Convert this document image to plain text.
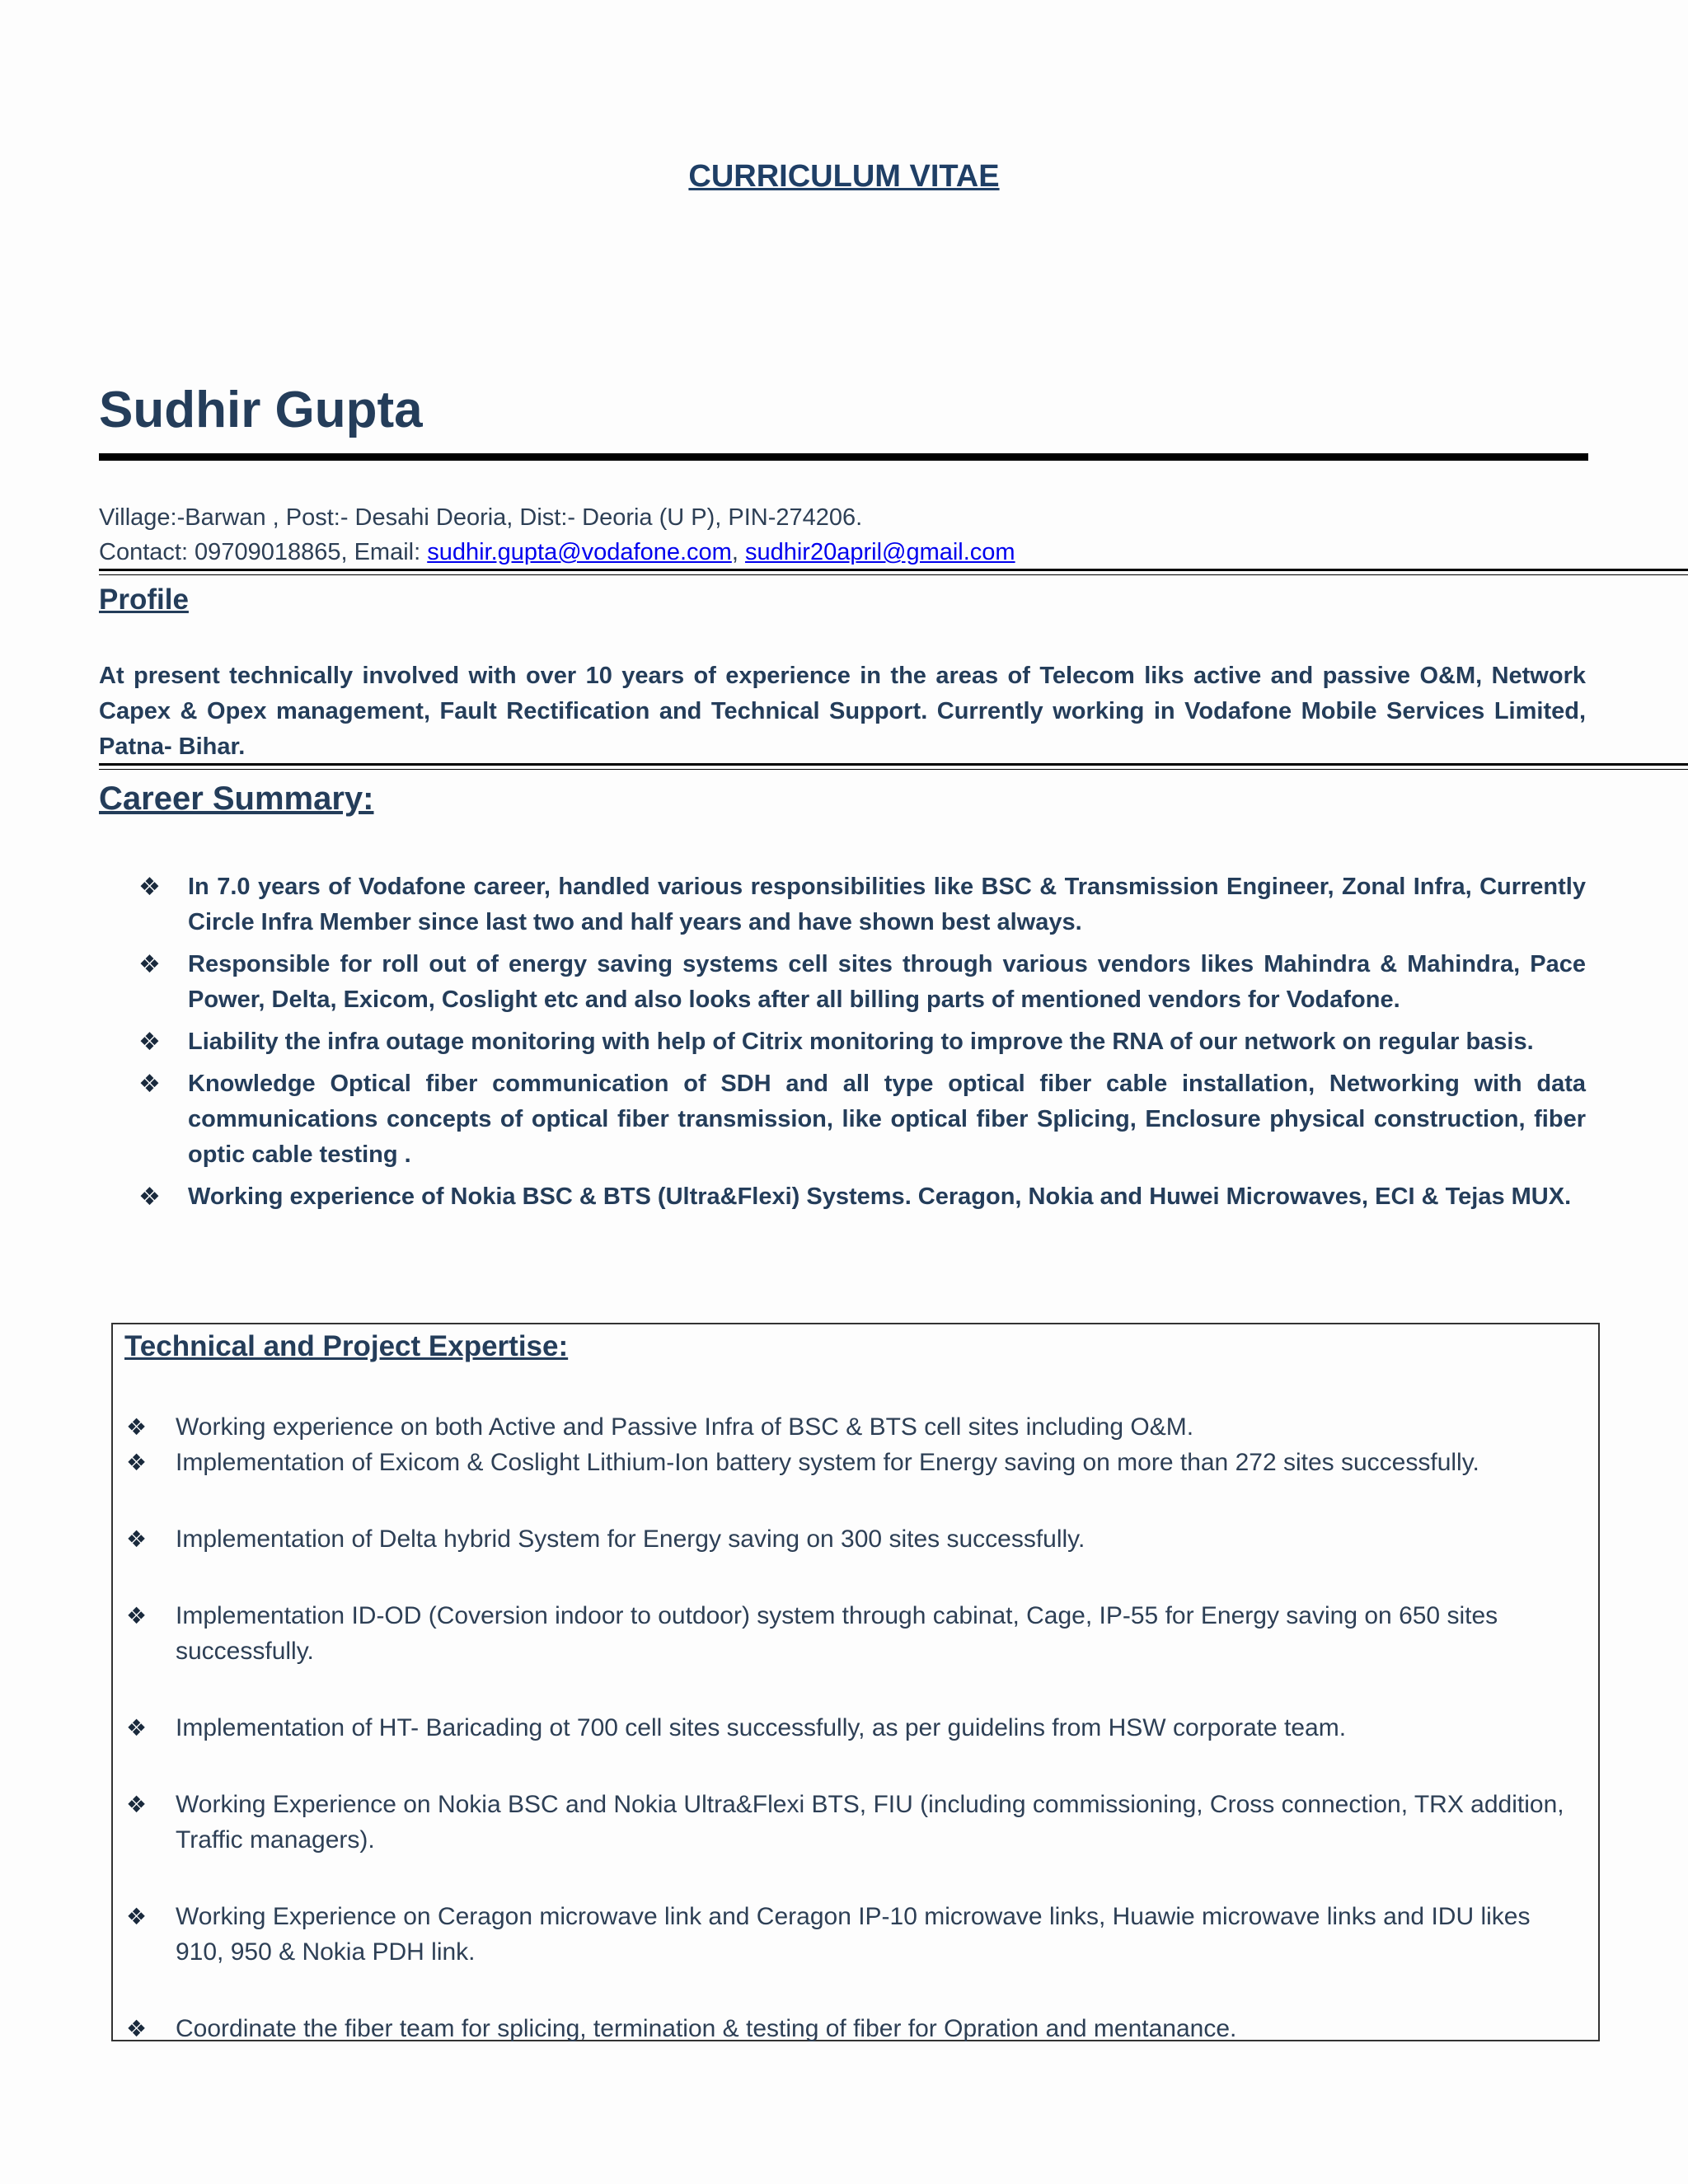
CURRICULUM VITAE
Sudhir Gupta
Village:-Barwan , Post:- Desahi Deoria, Dist:- Deoria (U P), PIN-274206.
Contact: 09709018865, Email: sudhir.gupta@vodafone.com, sudhir20april@gmail.com
Profile
At present technically involved with over 10 years of experience in the areas of Telecom liks active and passive O&M, Network Capex & Opex management, Fault Rectification and Technical Support. Currently working in Vodafone Mobile Services Limited, Patna- Bihar.
Career Summary:
❖ In 7.0 years of Vodafone career, handled various responsibilities like BSC & Transmission Engineer, Zonal Infra, Currently Circle Infra Member since last two and half years and have shown best always.
❖ Responsible for roll out of energy saving systems cell sites through various vendors likes Mahindra & Mahindra, Pace Power, Delta, Exicom, Coslight etc and also looks after all billing parts of mentioned vendors for Vodafone.
❖ Liability the infra outage monitoring with help of Citrix monitoring to improve the RNA of our network on regular basis.
❖ Knowledge Optical fiber communication of SDH and all type optical fiber cable installation, Networking with data communications concepts of optical fiber transmission, like optical fiber Splicing, Enclosure physical construction, fiber optic cable testing .
❖ Working experience of Nokia BSC & BTS (Ultra&Flexi) Systems. Ceragon, Nokia and Huwei Microwaves, ECI & Tejas MUX.
Technical and Project Expertise:
❖ Working experience on both Active and Passive Infra of BSC & BTS cell sites including O&M.
❖ Implementation of Exicom & Coslight Lithium-Ion battery system for Energy saving on more than 272 sites successfully.
❖ Implementation of Delta hybrid System for Energy saving on 300 sites successfully.
❖ Implementation ID-OD (Coversion indoor to outdoor) system through cabinat, Cage, IP-55 for Energy saving on 650 sites successfully.
❖ Implementation of HT- Baricading ot 700 cell sites successfully, as per guidelins from HSW corporate team.
❖ Working Experience on Nokia BSC and Nokia Ultra&Flexi BTS, FIU (including commissioning, Cross connection, TRX addition, Traffic managers).
❖ Working Experience on Ceragon microwave link and Ceragon IP-10 microwave links, Huawie microwave links and IDU likes 910, 950 & Nokia PDH link.
❖ Coordinate the fiber team for splicing, termination & testing of fiber for Opration and mentanance.
